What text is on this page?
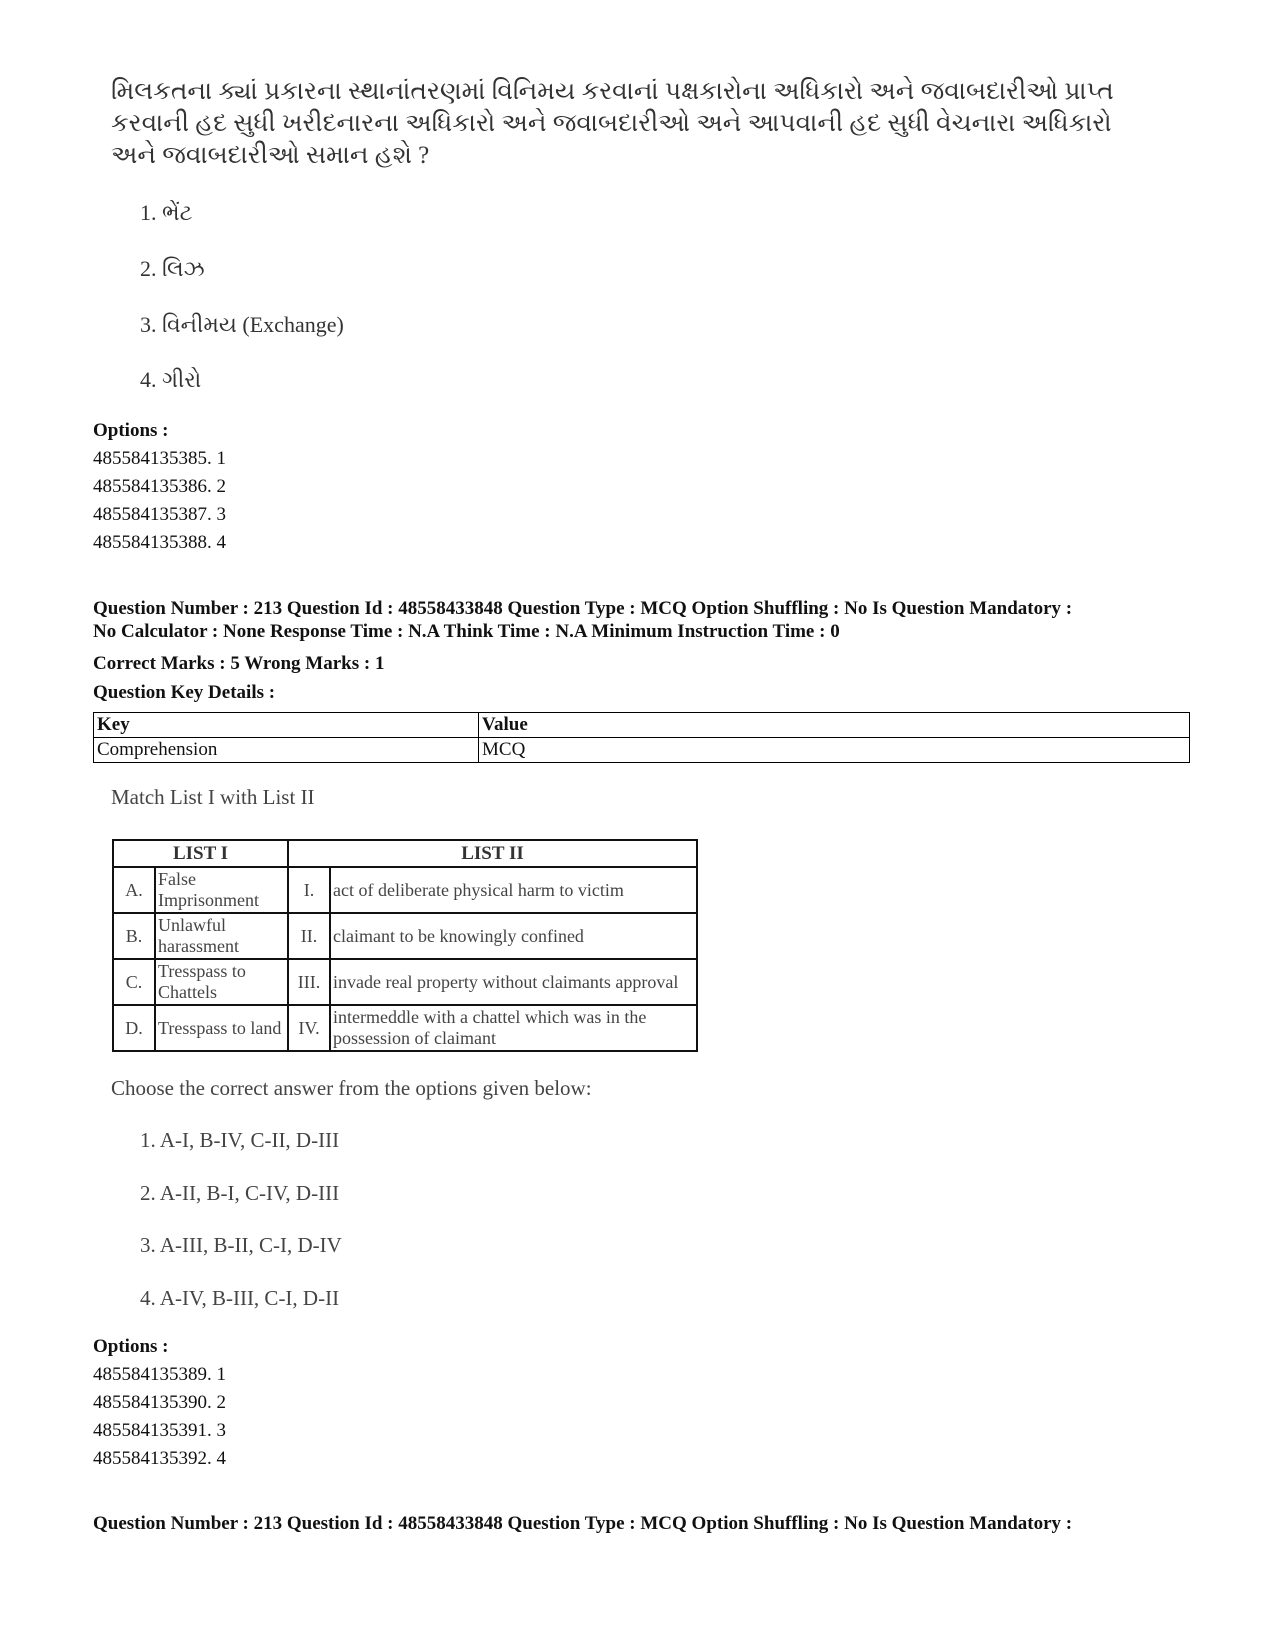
મિલકતના ક્યાં પ્રકારના સ્થાનાંતરણમાં વિનિમય કરવાનાં પક્ષકારોના અધિકારો અને જવાબદારીઓ પ્રાપ્ત કરવાની હદ સુધી ખરીદનારના અધિકારો અને જવાબદારીઓ અને આપવાની હદ સુધી વેચનારા અધિકારો અને જવાબદારીઓ સમાન હશે ?
1. ભેંટ
2. લિઝ
3. વિનીમય (Exchange)
4. ગીરો
Options :
485584135385. 1
485584135386. 2
485584135387. 3
485584135388. 4
Question Number : 213 Question Id : 48558433848 Question Type : MCQ Option Shuffling : No Is Question Mandatory :
No Calculator : None Response Time : N.A Think Time : N.A Minimum Instruction Time : 0
Correct Marks : 5 Wrong Marks : 1
Question Key Details :
Key	Value
Comprehension	MCQ
Match List I with List II
LIST I		LIST II	
A.	False Imprisonment	I.	act of deliberate physical harm to victim
B.	Unlawful harassment	II.	claimant to be knowingly confined
C.	Tresspass to Chattels	III.	invade real property without claimants approval
D.	Tresspass to land	IV.	intermeddle with a chattel which was in the possession of claimant
Choose the correct answer from the options given below:
1. A-I, B-IV, C-II, D-III
2. A-II, B-I, C-IV, D-III
3. A-III, B-II, C-I, D-IV
4. A-IV, B-III, C-I, D-II
Options :
485584135389. 1
485584135390. 2
485584135391. 3
485584135392. 4
Question Number : 213 Question Id : 48558433848 Question Type : MCQ Option Shuffling : No Is Question Mandatory :
